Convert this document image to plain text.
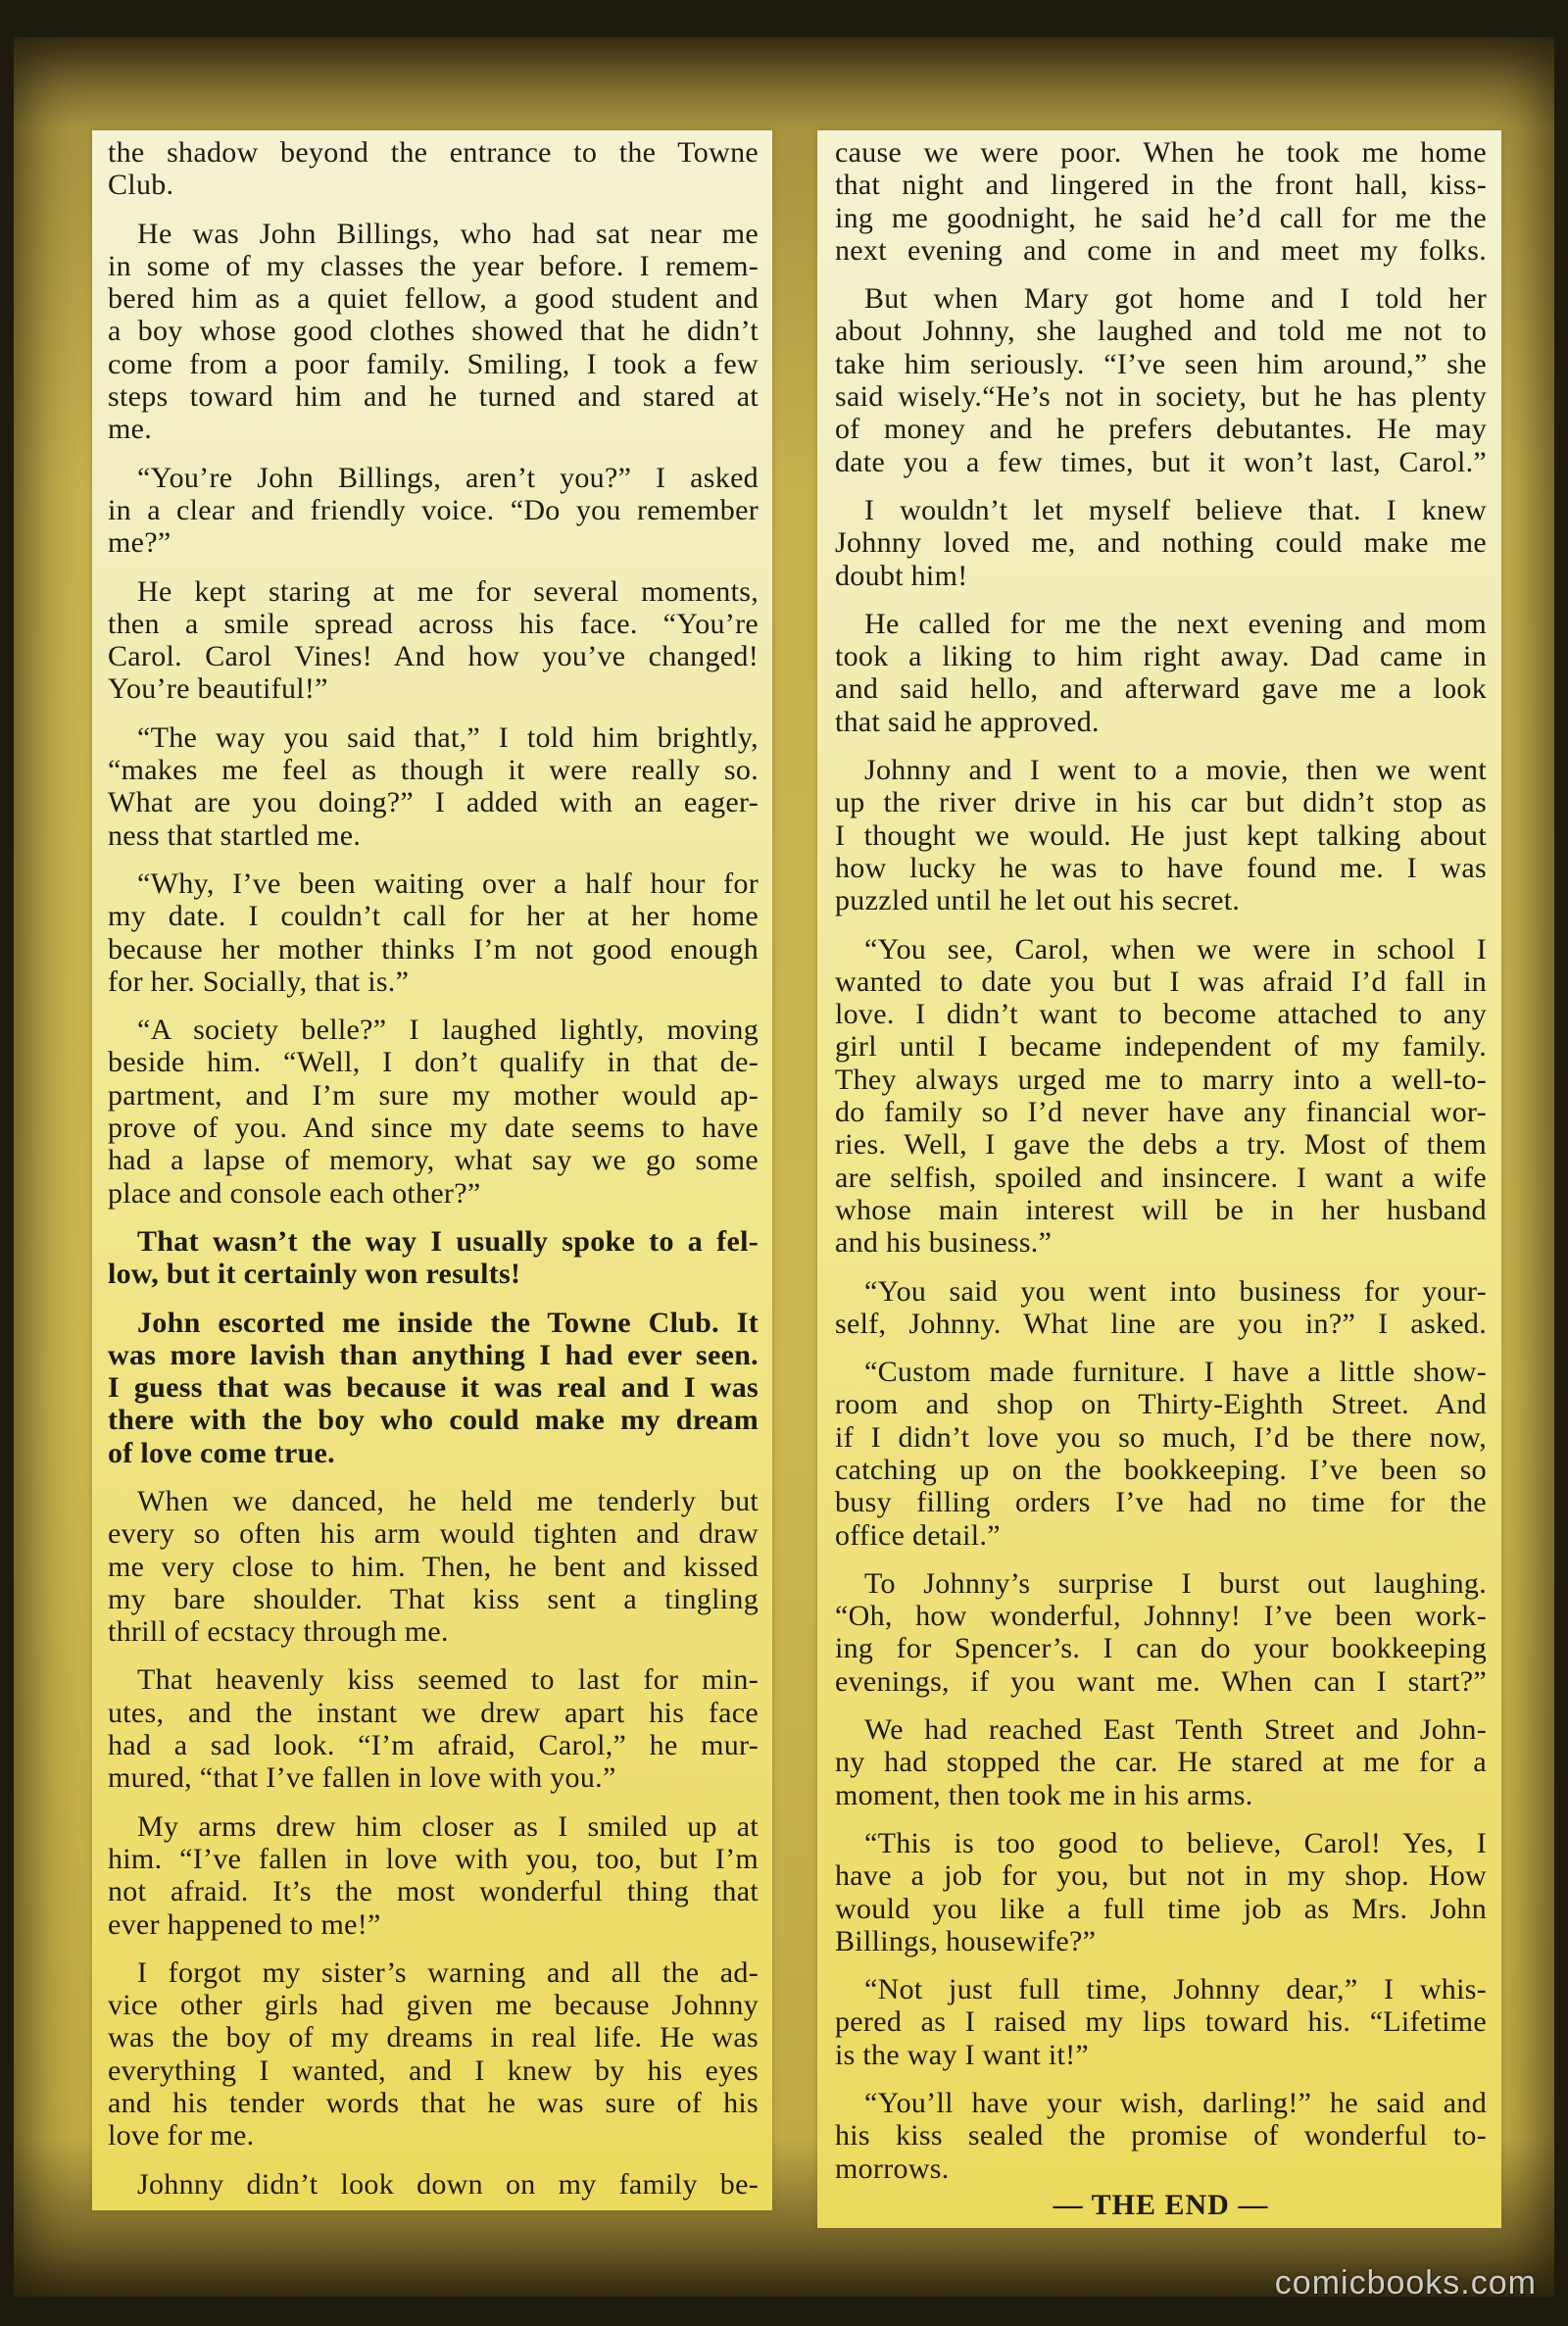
the shadow beyond the entrance to the Towne
Club.
He was John Billings, who had sat near me
in some of my classes the year before. I remem-
bered him as a quiet fellow, a good student and
a boy whose good clothes showed that he didn’t
come from a poor family. Smiling, I took a few
steps toward him and he turned and stared at
me.
“You’re John Billings, aren’t you?” I asked
in a clear and friendly voice. “Do you remember
me?”
He kept staring at me for several moments,
then a smile spread across his face. “You’re
Carol. Carol Vines! And how you’ve changed!
You’re beautiful!”
“The way you said that,” I told him brightly,
“makes me feel as though it were really so.
What are you doing?” I added with an eager-
ness that startled me.
“Why, I’ve been waiting over a half hour for
my date. I couldn’t call for her at her home
because her mother thinks I’m not good enough
for her. Socially, that is.”
“A society belle?” I laughed lightly, moving
beside him. “Well, I don’t qualify in that de-
partment, and I’m sure my mother would ap-
prove of you. And since my date seems to have
had a lapse of memory, what say we go some
place and console each other?”
That wasn’t the way I usually spoke to a fel-
low, but it certainly won results!
John escorted me inside the Towne Club. It
was more lavish than anything I had ever seen.
I guess that was because it was real and I was
there with the boy who could make my dream
of love come true.
When we danced, he held me tenderly but
every so often his arm would tighten and draw
me very close to him. Then, he bent and kissed
my bare shoulder. That kiss sent a tingling
thrill of ecstacy through me.
That heavenly kiss seemed to last for min-
utes, and the instant we drew apart his face
had a sad look. “I’m afraid, Carol,” he mur-
mured, “that I’ve fallen in love with you.”
My arms drew him closer as I smiled up at
him. “I’ve fallen in love with you, too, but I’m
not afraid. It’s the most wonderful thing that
ever happened to me!”
I forgot my sister’s warning and all the ad-
vice other girls had given me because Johnny
was the boy of my dreams in real life. He was
everything I wanted, and I knew by his eyes
and his tender words that he was sure of his
love for me.
Johnny didn’t look down on my family be-
cause we were poor. When he took me home
that night and lingered in the front hall, kiss-
ing me goodnight, he said he’d call for me the
next evening and come in and meet my folks.
But when Mary got home and I told her
about Johnny, she laughed and told me not to
take him seriously. “I’ve seen him around,” she
said wisely.“He’s not in society, but he has plenty
of money and he prefers debutantes. He may
date you a few times, but it won’t last, Carol.”
I wouldn’t let myself believe that. I knew
Johnny loved me, and nothing could make me
doubt him!
He called for me the next evening and mom
took a liking to him right away. Dad came in
and said hello, and afterward gave me a look
that said he approved.
Johnny and I went to a movie, then we went
up the river drive in his car but didn’t stop as
I thought we would. He just kept talking about
how lucky he was to have found me. I was
puzzled until he let out his secret.
“You see, Carol, when we were in school I
wanted to date you but I was afraid I’d fall in
love. I didn’t want to become attached to any
girl until I became independent of my family.
They always urged me to marry into a well-to-
do family so I’d never have any financial wor-
ries. Well, I gave the debs a try. Most of them
are selfish, spoiled and insincere. I want a wife
whose main interest will be in her husband
and his business.”
“You said you went into business for your-
self, Johnny. What line are you in?” I asked.
“Custom made furniture. I have a little show-
room and shop on Thirty-Eighth Street. And
if I didn’t love you so much, I’d be there now,
catching up on the bookkeeping. I’ve been so
busy filling orders I’ve had no time for the
office detail.”
To Johnny’s surprise I burst out laughing.
“Oh, how wonderful, Johnny! I’ve been work-
ing for Spencer’s. I can do your bookkeeping
evenings, if you want me. When can I start?”
We had reached East Tenth Street and John-
ny had stopped the car. He stared at me for a
moment, then took me in his arms.
“This is too good to believe, Carol! Yes, I
have a job for you, but not in my shop. How
would you like a full time job as Mrs. John
Billings, housewife?”
“Not just full time, Johnny dear,” I whis-
pered as I raised my lips toward his. “Lifetime
is the way I want it!”
“You’ll have your wish, darling!” he said and
his kiss sealed the promise of wonderful to-
morrows.
— THE END —
comicbooks.com
